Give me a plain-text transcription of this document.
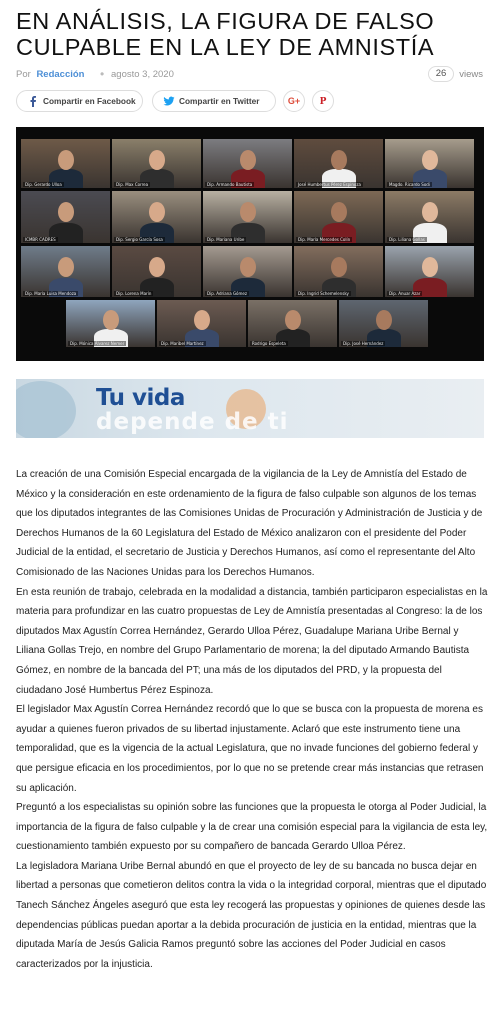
EN ANÁLISIS, LA FIGURA DE FALSO CULPABLE EN LA LEY DE AMNISTÍA
Por Redacción • agosto 3, 2020	26	views
Compartir en Facebook	Compartir en Twitter	G+	P
Dip. Gerardo Ulloa	Dip. Max Correa	Dip. Armando Bautista	José Humbertus Pérez Espinoza	Magdo. Ricardo Sodi
ICMBR CADRES	Dip. Sergio García Sosa	Dip. Mariana Uribe	Dip. María Mercedes Colín	Dip. Liliana Gollas
Dip. María Luisa Mendoza	Dip. Lorena Marín	Dip. Adriana Gómez	Dip. Ingrid Schemelensky	Dip. Anuar Azar
Dip. Mónica Álvarez Nemer	Dip. Maribel Martínez	Rodrigo Espeleta	Dip. José Hernández
Tu vida
depende de ti

La creación de una Comisión Especial encargada de la vigilancia de la Ley de Amnistía del Estado de México y la consideración en este ordenamiento de la figura de falso culpable son algunos de los temas que los diputados integrantes de las Comisiones Unidas de Procuración y Administración de Justicia y de Derechos Humanos de la 60 Legislatura del Estado de México analizaron con el presidente del Poder Judicial de la entidad, el secretario de Justicia y Derechos Humanos, así como el representante del Alto Comisionado de las Naciones Unidas para los Derechos Humanos.

En esta reunión de trabajo, celebrada en la modalidad a distancia, también participaron especialistas en la materia para profundizar en las cuatro propuestas de Ley de Amnistía presentadas al Congreso: la de los diputados Max Agustín Correa Hernández, Gerardo Ulloa Pérez, Guadalupe Mariana Uribe Bernal y Liliana Gollas Trejo, en nombre del Grupo Parlamentario de morena; la del diputado Armando Bautista Gómez, en nombre de la bancada del PT; una más de los diputados del PRD, y la propuesta del ciudadano José Humbertus Pérez Espinoza.

El legislador Max Agustín Correa Hernández recordó que lo que se busca con la propuesta de morena es ayudar a quienes fueron privados de su libertad injustamente. Aclaró que este instrumento tiene una temporalidad, que es la vigencia de la actual Legislatura, que no invade funciones del gobierno federal y que persigue eficacia en los procedimientos, por lo que no se pretende crear más instancias que retrasen su aplicación.

Preguntó a los especialistas su opinión sobre las funciones que la propuesta le otorga al Poder Judicial, la importancia de la figura de falso culpable y la de crear una comisión especial para la vigilancia de esta ley, cuestionamiento también expuesto por su compañero de bancada Gerardo Ulloa Pérez.

La legisladora Mariana Uribe Bernal abundó en que el proyecto de ley de su bancada no busca dejar en libertad a personas que cometieron delitos contra la vida o la integridad corporal, mientras que el diputado Tanech Sánchez Ángeles aseguró que esta ley recogerá las propuestas y opiniones de quienes desde las dependencias públicas puedan aportar a la debida procuración de justicia en la entidad, mientras que la diputada María de Jesús Galicia Ramos preguntó sobre las acciones del Poder Judicial en casos caracterizados por la injusticia.
